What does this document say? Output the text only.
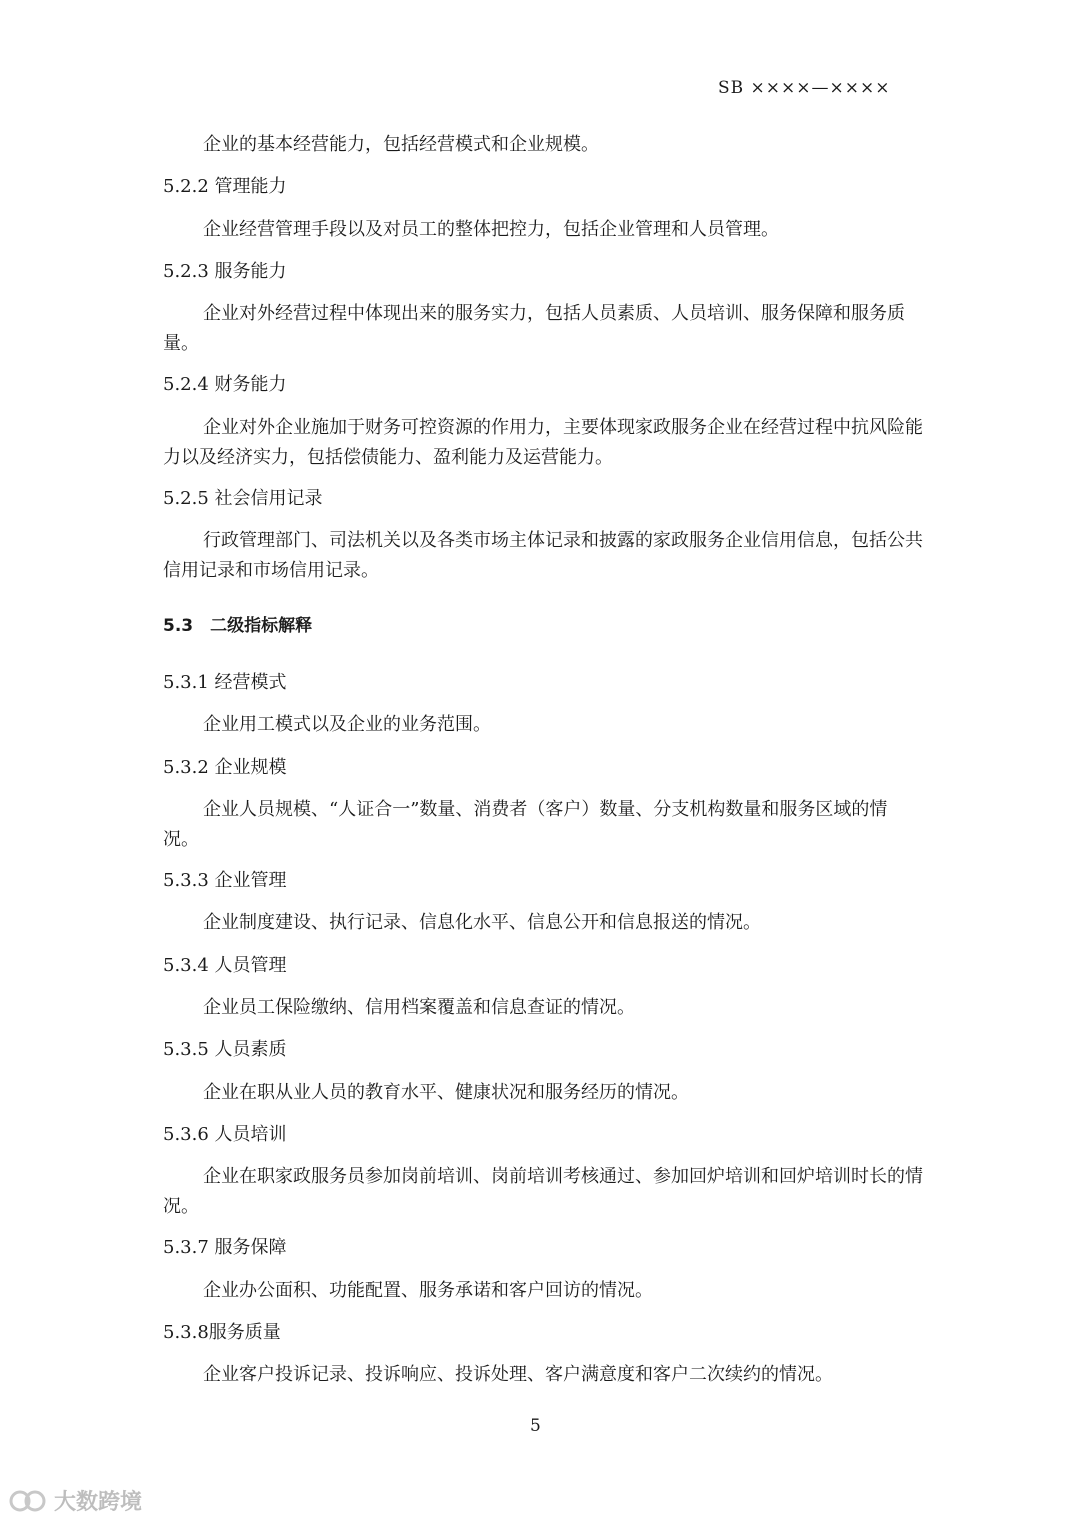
SB ××××—××××
企业的基本经营能力，包括经营模式和企业规模。
5.2.2 管理能力
企业经营管理手段以及对员工的整体把控力，包括企业管理和人员管理。
5.2.3 服务能力
企业对外经营过程中体现出来的服务实力，包括人员素质、人员培训、服务保障和服务质量。
5.2.4 财务能力
企业对外企业施加于财务可控资源的作用力，主要体现家政服务企业在经营过程中抗风险能力以及经济实力，包括偿债能力、盈利能力及运营能力。
5.2.5 社会信用记录
行政管理部门、司法机关以及各类市场主体记录和披露的家政服务企业信用信息，包括公共信用记录和市场信用记录。
5.3　二级指标解释
5.3.1 经营模式
企业用工模式以及企业的业务范围。
5.3.2 企业规模
企业人员规模、“人证合一”数量、消费者（客户）数量、分支机构数量和服务区域的情况。
5.3.3 企业管理
企业制度建设、执行记录、信息化水平、信息公开和信息报送的情况。
5.3.4 人员管理
企业员工保险缴纳、信用档案覆盖和信息查证的情况。
5.3.5 人员素质
企业在职从业人员的教育水平、健康状况和服务经历的情况。
5.3.6 人员培训
企业在职家政服务员参加岗前培训、岗前培训考核通过、参加回炉培训和回炉培训时长的情况。
5.3.7 服务保障
企业办公面积、功能配置、服务承诺和客户回访的情况。
5.3.8服务质量
企业客户投诉记录、投诉响应、投诉处理、客户满意度和客户二次续约的情况。
5
大数跨境
